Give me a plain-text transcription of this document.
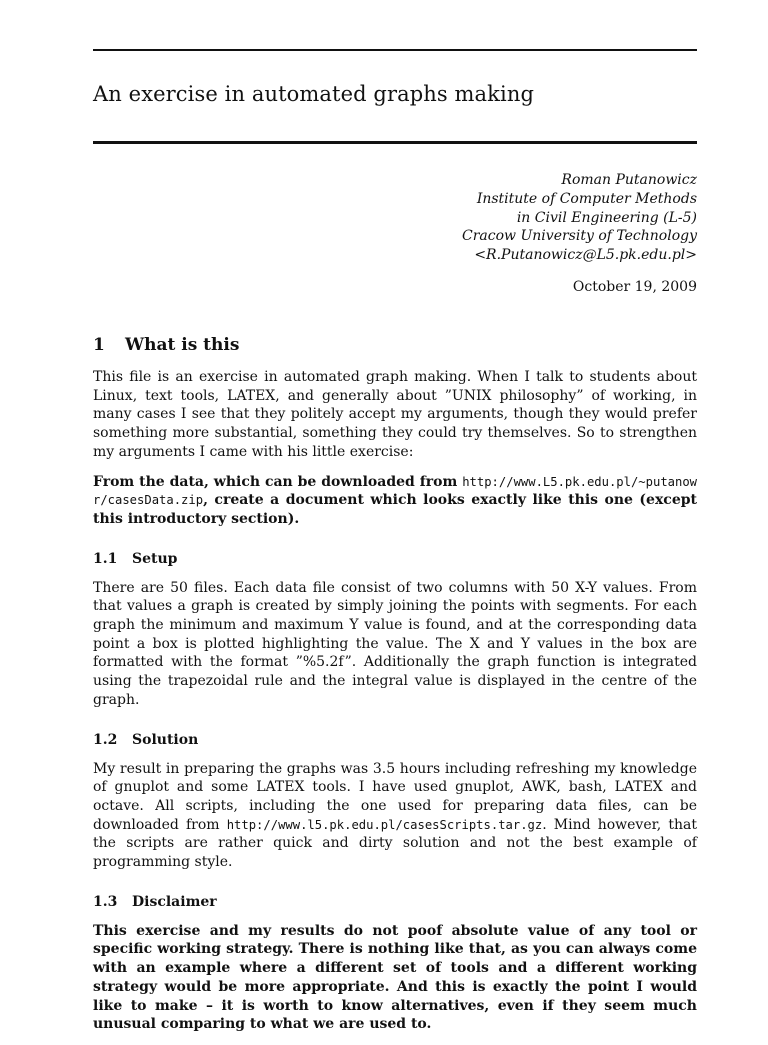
An exercise in automated graphs making
Roman Putanowicz
Institute of Computer Methods
in Civil Engineering (L-5)
Cracow University of Technology
<R.Putanowicz@L5.pk.edu.pl>
October 19, 2009
1 What is this

This file is an exercise in automated graph making. When I talk to students about Linux, text tools, LATEX, and generally about ”UNIX philosophy” of working, in many cases I see that they politely accept my arguments, though they would prefer something more substantial, something they could try themselves. So to strengthen my arguments I came with his little exercise:

From the data, which can be downloaded from http://www.L5.pk.edu.pl/~putanowr/casesData.zip, create a document which looks exactly like this one (except this introductory section).

1.1 Setup

There are 50 files. Each data file consist of two columns with 50 X-Y values. From that values a graph is created by simply joining the points with segments. For each graph the minimum and maximum Y value is found, and at the corresponding data point a box is plotted highlighting the value. The X and Y values in the box are formatted with the format ”%5.2f”. Additionally the graph function is integrated using the trapezoidal rule and the integral value is displayed in the centre of the graph.

1.2 Solution

My result in preparing the graphs was 3.5 hours including refreshing my knowledge of gnuplot and some LATEX tools. I have used gnuplot, AWK, bash, LATEX and octave. All scripts, including the one used for preparing data files, can be downloaded from http://www.l5.pk.edu.pl/casesScripts.tar.gz. Mind however, that the scripts are rather quick and dirty solution and not the best example of programming style.

1.3 Disclaimer

This exercise and my results do not poof absolute value of any tool or specific working strategy. There is nothing like that, as you can always come with an example where a different set of tools and a different working strategy would be more appropriate. And this is exactly the point I would like to make – it is worth to know alternatives, even if they seem much unusual comparing to what we are used to.
